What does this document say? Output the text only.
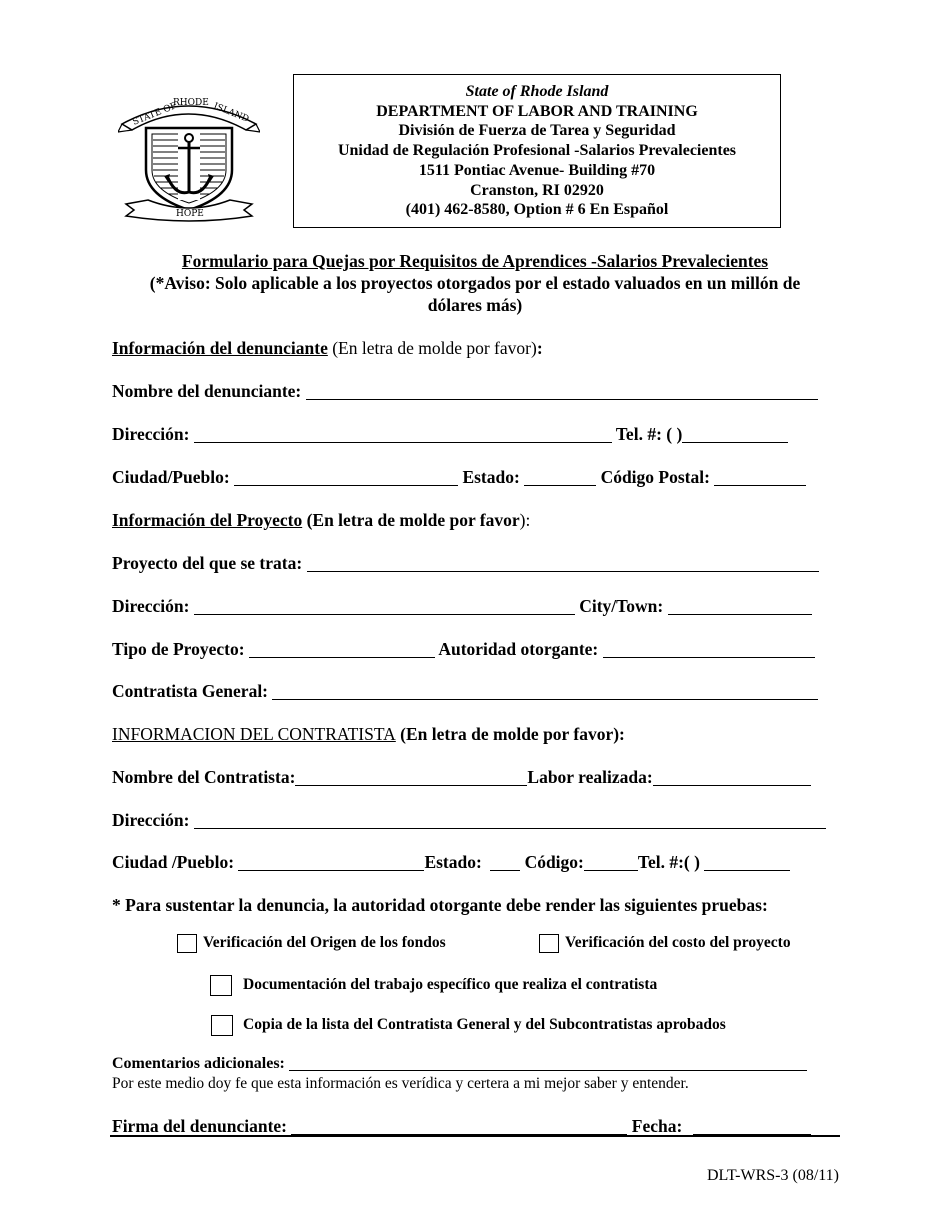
STATE OF
RHODE ISLAND
HOPE
State of Rhode Island
DEPARTMENT OF LABOR AND TRAINING
División de Fuerza de Tarea y Seguridad
Unidad de Regulación Profesional -Salarios Prevalecientes
1511 Pontiac Avenue- Building #70
Cranston, RI 02920
(401) 462-8580, Option # 6 En Español
Formulario para Quejas por Requisitos de Aprendices -Salarios Prevalecientes
(*Aviso: Solo aplicable a los proyectos otorgados por el estado valuados en un millón de
dólares más)
Información del denunciante (En letra de molde por favor):
Nombre del denunciante:
Dirección:	Tel. #: ( )
Ciudad/Pueblo:	Estado:	Código Postal:
Información del Proyecto (En letra de molde por favor):
Proyecto del que se trata:
Dirección:	City/Town:
Tipo de Proyecto:	Autoridad otorgante:
Contratista General:
INFORMACION DEL CONTRATISTA (En letra de molde por favor):
Nombre del Contratista:	Labor realizada:
Dirección:
Ciudad /Pueblo:	Estado:  Código:	Tel. #:( )
* Para sustentar la denuncia, la autoridad otorgante debe render las siguientes pruebas:
Verificación del Origen de los fondos	Verificación del costo del proyecto
Documentación del trabajo específico que realiza el contratista
Copia de la lista del Contratista General y del Subcontratistas aprobados
Comentarios adicionales:
Por este medio doy fe que esta información es verídica y certera a mi mejor saber y entender.
Firma del denunciante:	Fecha:
DLT-WRS-3 (08/11)
